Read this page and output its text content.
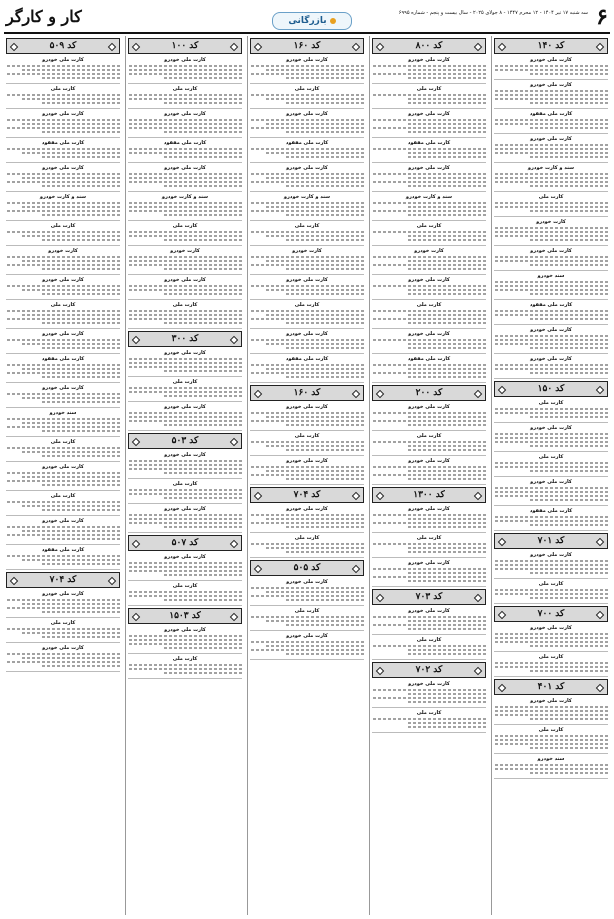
۶
سه شنبه ۱۷ تیر ۱۴۰۴ - ۱۲ محرم ۱۴۴۷ - ۸ جولای ۲۰۲۵ - سال بیست و پنجم - شماره ۶۹۹۵
بازرگانی
کار و کارگر
کد ۱۴۰
کارت ملی خودرو
کارت ملی خودرو
کارت ملی مفقود
کارت ملی خودرو
سند و کارت خودرو
کارت ملی
کارت خودرو
کارت ملی خودرو
سند خودرو
کارت ملی مفقود
کارت ملی خودرو
کارت ملی خودرو
کد ۱۵۰
کارت ملی
کارت ملی خودرو
کارت ملی
کارت ملی خودرو
کارت ملی مفقود
کد ۷۰۱
کارت ملی خودرو
کارت ملی
کد ۷۰۰
کارت ملی خودرو
کارت ملی
کد ۴۰۱
کارت ملی خودرو
کارت ملی
سند خودرو
کد ۸۰۰
کارت ملی خودرو
کارت ملی
کارت ملی خودرو
کارت ملی مفقود
کارت ملی خودرو
سند و کارت خودرو
کارت ملی
کارت خودرو
کارت ملی خودرو
کارت ملی
کارت ملی خودرو
کارت ملی مفقود
کد ۲۰۰
کارت ملی خودرو
کارت ملی
کارت ملی خودرو
کد ۱۳۰۰
کارت ملی خودرو
کارت ملی
کارت ملی خودرو
کد ۷۰۳
کارت ملی خودرو
کارت ملی
کد ۷۰۲
کارت ملی خودرو
کارت ملی
کد ۱۶۰
کارت ملی خودرو
کارت ملی
کارت ملی خودرو
کارت ملی مفقود
کارت ملی خودرو
سند و کارت خودرو
کارت ملی
کارت خودرو
کارت ملی خودرو
کارت ملی
کارت ملی خودرو
کارت ملی مفقود
کد ۱۶۰
کارت ملی خودرو
کارت ملی
کارت ملی خودرو
کد ۷۰۴
کارت ملی خودرو
کارت ملی
کد ۵۰۵
کارت ملی خودرو
کارت ملی
کارت ملی خودرو
کد ۱۰۰
کارت ملی خودرو
کارت ملی
کارت ملی خودرو
کارت ملی مفقود
کارت ملی خودرو
سند و کارت خودرو
کارت ملی
کارت خودرو
کارت ملی خودرو
کارت ملی
کد ۳۰۰
کارت ملی خودرو
کارت ملی
کارت ملی خودرو
کد ۵۰۳
کارت ملی خودرو
کارت ملی
کارت ملی خودرو
کد ۵۰۷
کارت ملی خودرو
کارت ملی
کد ۱۵۰۳
کارت ملی خودرو
کارت ملی
کد ۵۰۹
کارت ملی خودرو
کارت ملی
کارت ملی خودرو
کارت ملی مفقود
کارت ملی خودرو
سند و کارت خودرو
کارت ملی
کارت خودرو
کارت ملی خودرو
کارت ملی
کارت ملی خودرو
کارت ملی مفقود
کارت ملی خودرو
سند خودرو
کارت ملی
کارت ملی خودرو
کارت ملی
کارت ملی خودرو
کارت ملی مفقود
کد ۷۰۴
کارت ملی خودرو
کارت ملی
کارت ملی خودرو
